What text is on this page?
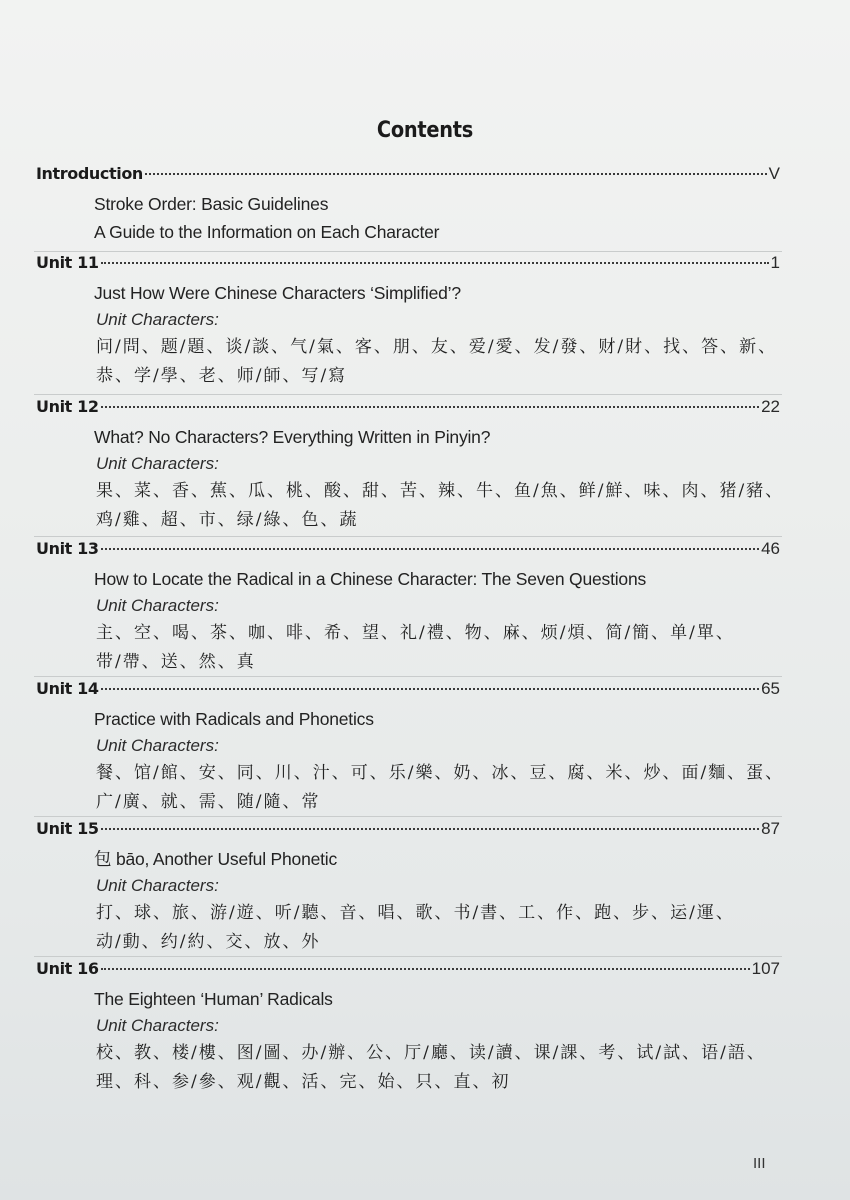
Contents
Introduction	V
Stroke Order: Basic Guidelines
A Guide to the Information on Each Character
Unit 11	1
Just How Were Chinese Characters ‘Simplified’?
Unit Characters:
问/問、题/題、谈/談、气/氣、客、朋、友、爱/愛、发/發、财/財、找、答、新、
恭、学/學、老、师/師、写/寫
Unit 12	22
What? No Characters? Everything Written in Pinyin?
Unit Characters:
果、菜、香、蕉、瓜、桃、酸、甜、苦、辣、牛、鱼/魚、鲜/鮮、味、肉、猪/豬、
鸡/雞、超、市、绿/綠、色、蔬
Unit 13	46
How to Locate the Radical in a Chinese Character: The Seven Questions
Unit Characters:
主、空、喝、茶、咖、啡、希、望、礼/禮、物、麻、烦/煩、简/簡、单/單、
带/帶、送、然、真
Unit 14	65
Practice with Radicals and Phonetics
Unit Characters:
餐、馆/館、安、同、川、汁、可、乐/樂、奶、冰、豆、腐、米、炒、面/麵、蛋、
广/廣、就、需、随/隨、常
Unit 15	87
包 bāo, Another Useful Phonetic
Unit Characters:
打、球、旅、游/遊、听/聽、音、唱、歌、书/書、工、作、跑、步、运/運、
动/動、约/約、交、放、外
Unit 16	107
The Eighteen ‘Human’ Radicals
Unit Characters:
校、教、楼/樓、图/圖、办/辦、公、厅/廳、读/讀、课/課、考、试/試、语/語、
理、科、参/參、观/觀、活、完、始、只、直、初
III
